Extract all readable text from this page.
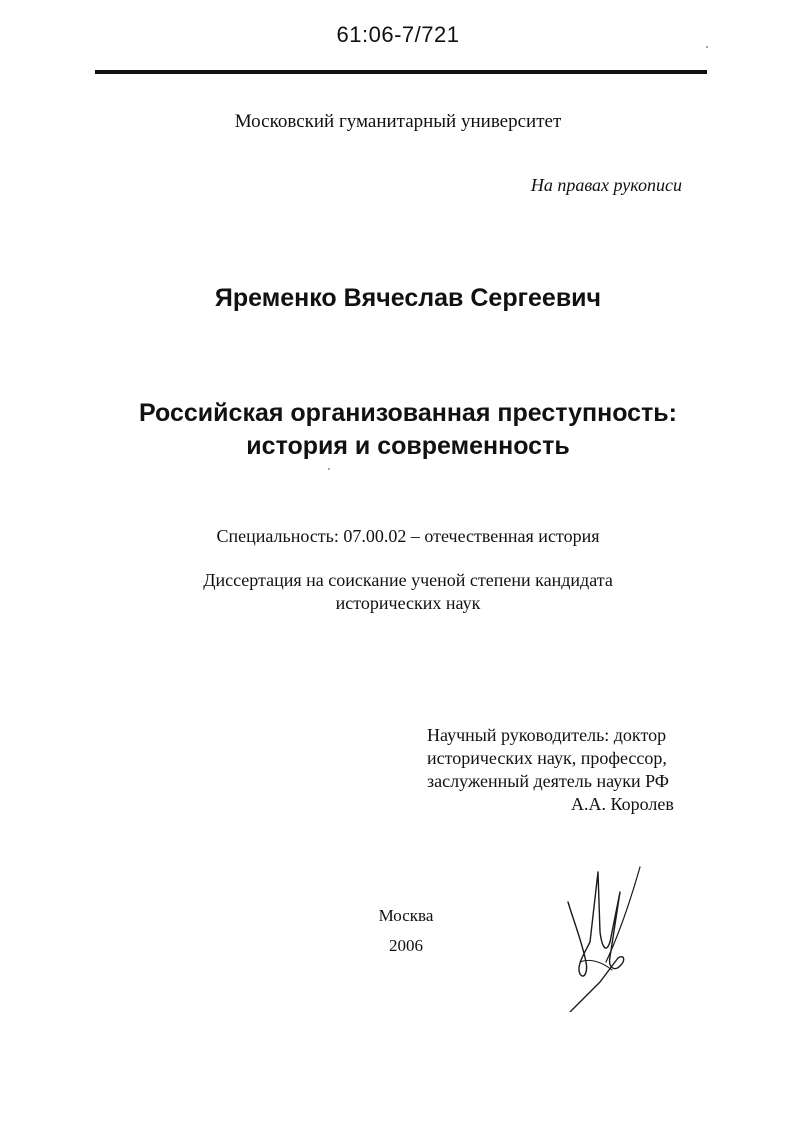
61:06-7/721
Московский гуманитарный университет
На правах рукописи
Яременко Вячеслав Сергеевич
Российская организованная преступность:
история и современность
Специальность: 07.00.02 – отечественная история
Диссертация на соискание ученой степени кандидата
исторических наук
Научный руководитель: доктор
исторических наук, профессор,
заслуженный деятель науки РФ
А.А. Королев
Москва
2006
